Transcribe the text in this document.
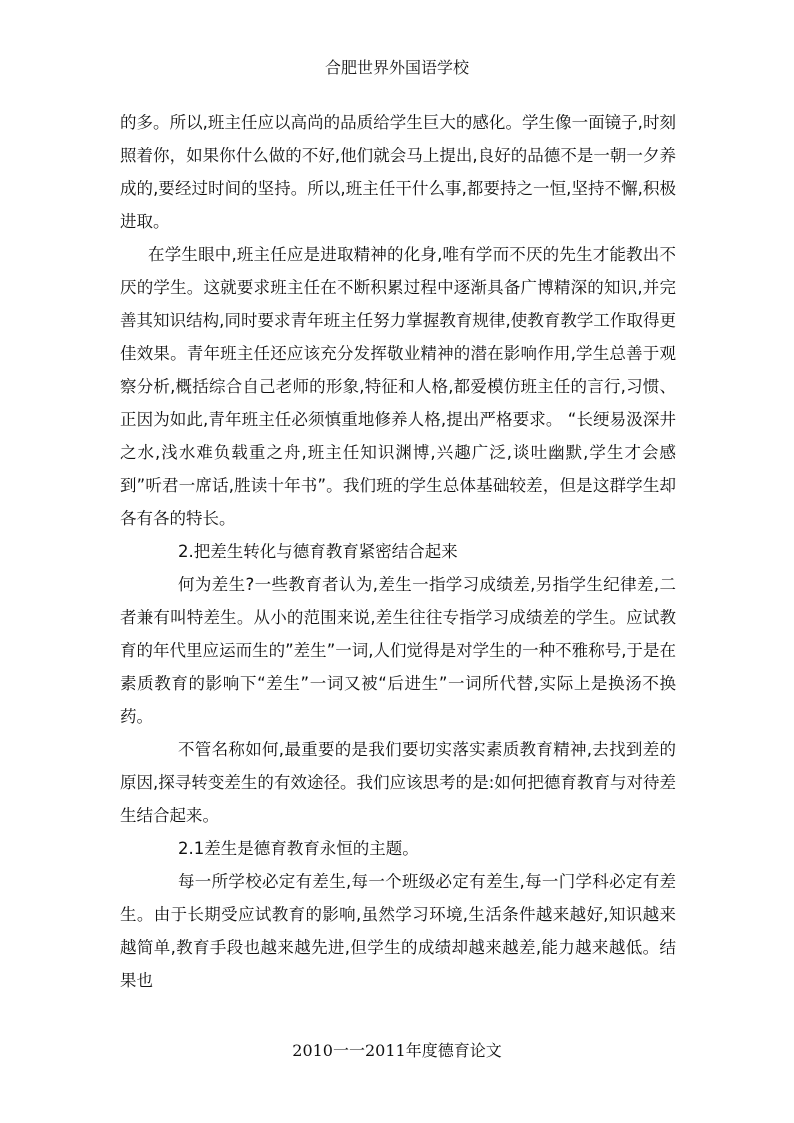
合肥世界外国语学校

的多。所以,班主任应以高尚的品质给学生巨大的感化。学生像一面镜子,时刻照着你，如果你什么做的不好,他们就会马上提出,良好的品德不是一朝一夕养成的,要经过时间的坚持。所以,班主任干什么事,都要持之一恒,坚持不懈,积极进取。

在学生眼中,班主任应是进取精神的化身,唯有学而不厌的先生才能教出不厌的学生。这就要求班主任在不断积累过程中逐渐具备广博精深的知识,并完善其知识结构,同时要求青年班主任努力掌握教育规律,使教育教学工作取得更佳效果。青年班主任还应该充分发挥敬业精神的潜在影响作用,学生总善于观察分析,概括综合自己老师的形象,特征和人格,都爱模仿班主任的言行,习惯、正因为如此,青年班主任必须慎重地修养人格,提出严格要求。 “长绠易汲深井之水,浅水难负载重之舟,班主任知识渊博,兴趣广泛,谈吐幽默,学生才会感到”听君一席话,胜读十年书”。我们班的学生总体基础较差，但是这群学生却各有各的特长。

2.把差生转化与德育教育紧密结合起来

何为差生?一些教育者认为,差生一指学习成绩差,另指学生纪律差,二者兼有叫特差生。从小的范围来说,差生往往专指学习成绩差的学生。应试教育的年代里应运而生的”差生”一词,人们觉得是对学生的一种不雅称号,于是在素质教育的影响下“差生”一词又被“后进生”一词所代替,实际上是换汤不换药。

不管名称如何,最重要的是我们要切实落实素质教育精神,去找到差的原因,探寻转变差生的有效途径。我们应该思考的是:如何把德育教育与对待差生结合起来。

2.1差生是德育教育永恒的主题。

每一所学校必定有差生,每一个班级必定有差生,每一门学科必定有差生。由于长期受应试教育的影响,虽然学习环境,生活条件越来越好,知识越来越简单,教育手段也越来越先进,但学生的成绩却越来越差,能力越来越低。结果也

2010一一2011年度德育论文
